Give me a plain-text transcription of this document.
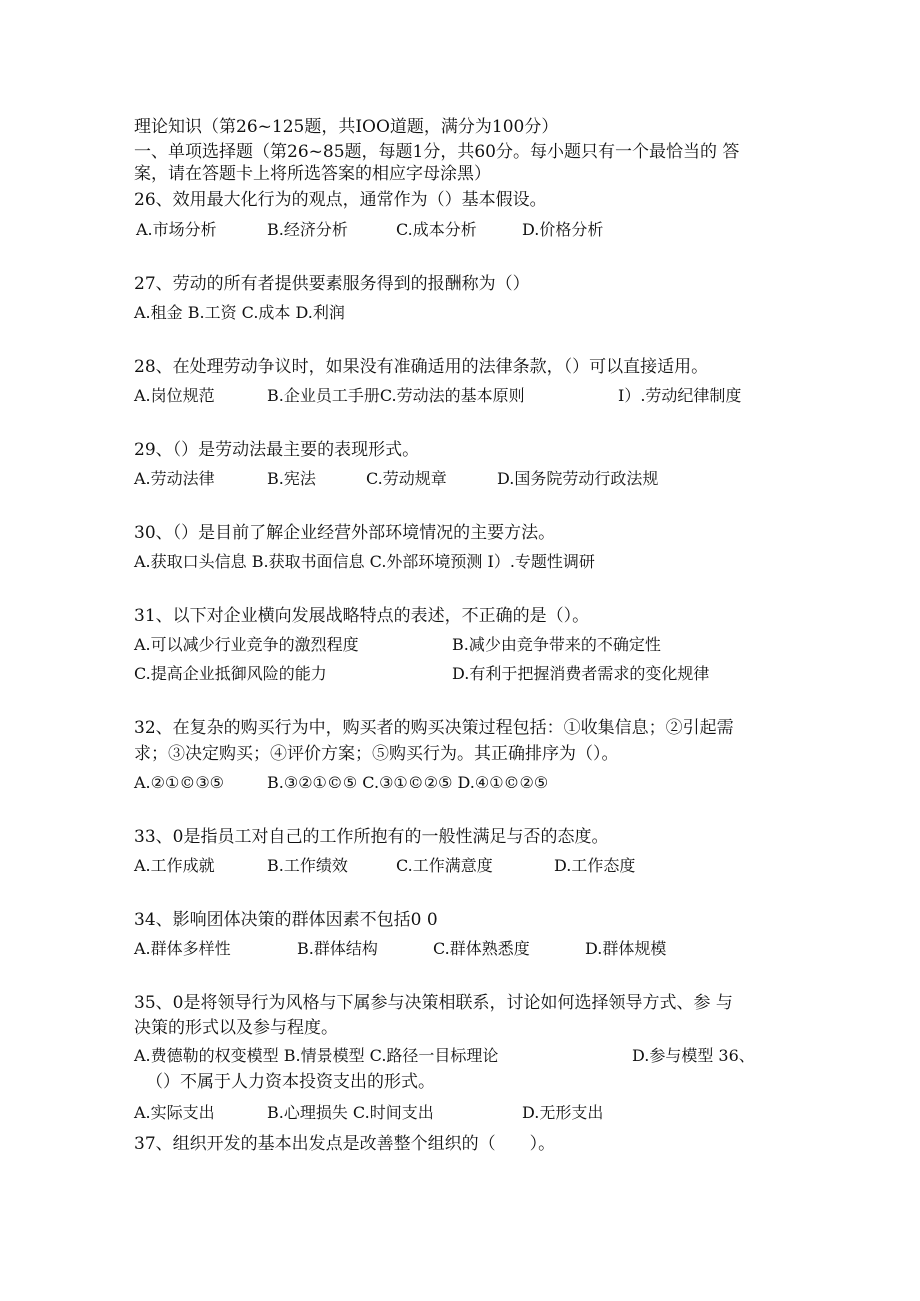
理论知识（第26~125题，共IOO道题，满分为100分）
一、单项选择题（第26~85题，每题1分，共60分。每小题只有一个最恰当的 答
案，请在答题卡上将所选答案的相应字母涂黑）
26、效用最大化行为的观点，通常作为（）基本假设。
A.市场分析	B.经济分析	C.成本分析	D.价格分析
27、劳动的所有者提供要素服务得到的报酬称为（）
A.租金 B.工资 C.成本 D.利润
28、在处理劳动争议时，如果没有准确适用的法律条款，（）可以直接适用。
A.岗位规范	B.企业员工手册C.劳动法的基本原则	I）.劳动纪律制度
29、（）是劳动法最主要的表现形式。
A.劳动法律	B.宪法	C.劳动规章	D.国务院劳动行政法规
30、（）是目前了解企业经营外部环境情况的主要方法。
A.获取口头信息 B.获取书面信息 C.外部环境预测 I）.专题性调研
31、以下对企业横向发展战略特点的表述，不正确的是（）。
A.可以减少行业竞争的激烈程度	B.减少由竞争带来的不确定性
C.提高企业抵御风险的能力	D.有利于把握消费者需求的变化规律
32、在复杂的购买行为中，购买者的购买决策过程包括：①收集信息；②引起需
求；③决定购买；④评价方案；⑤购买行为。其正确排序为（）。
A.②①©③⑤	B.③②①©⑤ C.③①©②⑤ D.④①©②⑤
33、0是指员工对自己的工作所抱有的一般性满足与否的态度。
A.工作成就	B.工作绩效	C.工作满意度	D.工作态度
34、影响团体决策的群体因素不包括0 0
A.群体多样性	B.群体结构	C.群体熟悉度	D.群体规模
35、0是将领导行为风格与下属参与决策相联系，讨论如何选择领导方式、参 与
决策的形式以及参与程度。
A.费德勒的权变模型 B.情景模型 C.路径一目标理论	D.参与模型 36、
（）不属于人力资本投资支出的形式。
A.实际支出	B.心理损失 C.时间支出	D.无形支出
37、组织开发的基本出发点是改善整个组织的（　　）。
